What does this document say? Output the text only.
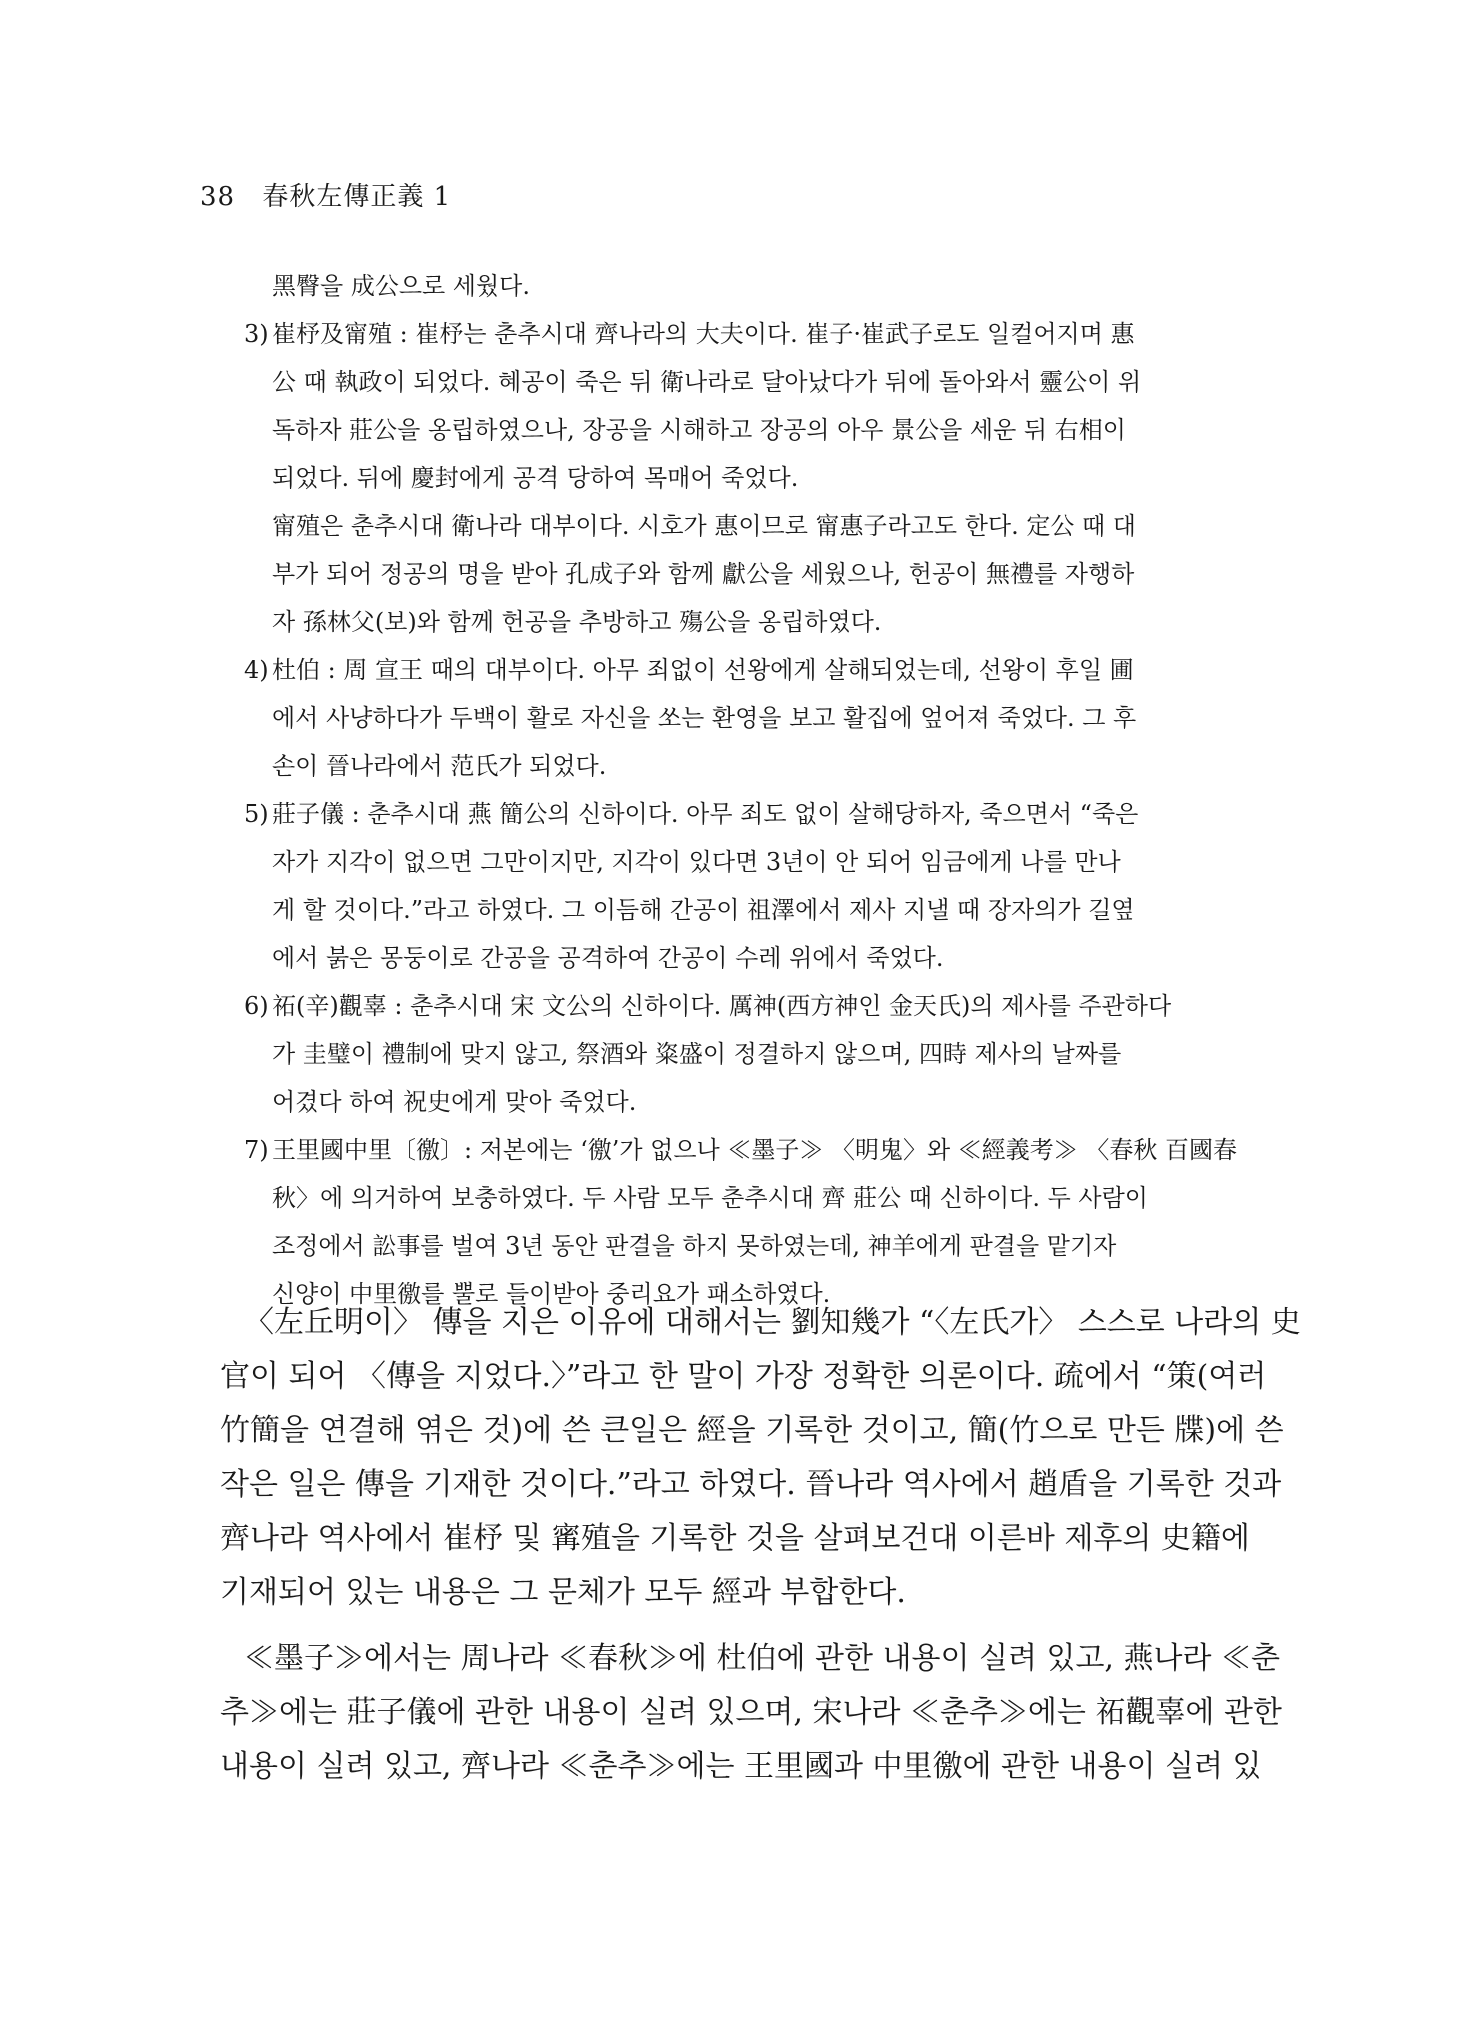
38 春秋左傳正義 1
黑臀을 成公으로 세웠다.
3) 崔杼及甯殖 : 崔杼는 춘추시대 齊나라의 大夫이다. 崔子·崔武子로도 일컬어지며 惠
公 때 執政이 되었다. 혜공이 죽은 뒤 衛나라로 달아났다가 뒤에 돌아와서 靈公이 위
독하자 莊公을 옹립하였으나, 장공을 시해하고 장공의 아우 景公을 세운 뒤 右相이
되었다. 뒤에 慶封에게 공격 당하여 목매어 죽었다.
甯殖은 춘추시대 衛나라 대부이다. 시호가 惠이므로 甯惠子라고도 한다. 定公 때 대
부가 되어 정공의 명을 받아 孔成子와 함께 獻公을 세웠으나, 헌공이 無禮를 자행하
자 孫林父(보)와 함께 헌공을 추방하고 殤公을 옹립하였다.
4) 杜伯 : 周 宣王 때의 대부이다. 아무 죄없이 선왕에게 살해되었는데, 선왕이 후일 圃
에서 사냥하다가 두백이 활로 자신을 쏘는 환영을 보고 활집에 엎어져 죽었다. 그 후
손이 晉나라에서 范氏가 되었다.
5) 莊子儀 : 춘추시대 燕 簡公의 신하이다. 아무 죄도 없이 살해당하자, 죽으면서 “죽은
자가 지각이 없으면 그만이지만, 지각이 있다면 3년이 안 되어 임금에게 나를 만나
게 할 것이다.”라고 하였다. 그 이듬해 간공이 祖澤에서 제사 지낼 때 장자의가 길옆
에서 붉은 몽둥이로 간공을 공격하여 간공이 수레 위에서 죽었다.
6) 祏(辛)觀辜 : 춘추시대 宋 文公의 신하이다. 厲神(西方神인 金天氏)의 제사를 주관하다
가 圭璧이 禮制에 맞지 않고, 祭酒와 粢盛이 정결하지 않으며, 四時 제사의 날짜를
어겼다 하여 祝史에게 맞아 죽었다.
7) 王里國中里〔徼〕: 저본에는 ‘徼’가 없으나 ≪墨子≫ 〈明鬼〉와 ≪經義考≫ 〈春秋 百國春
秋〉에 의거하여 보충하였다. 두 사람 모두 춘추시대 齊 莊公 때 신하이다. 두 사람이
조정에서 訟事를 벌여 3년 동안 판결을 하지 못하였는데, 神羊에게 판결을 맡기자
신양이 中里徼를 뿔로 들이받아 중리요가 패소하였다.
〈左丘明이〉 傳을 지은 이유에 대해서는 劉知幾가 “〈左氏가〉 스스로 나라의 史
官이 되어 〈傳을 지었다.〉”라고 한 말이 가장 정확한 의론이다. 疏에서 “策(여러
竹簡을 연결해 엮은 것)에 쓴 큰일은 經을 기록한 것이고, 簡(竹으로 만든 牒)에 쓴
작은 일은 傳을 기재한 것이다.”라고 하였다. 晉나라 역사에서 趙盾을 기록한 것과
齊나라 역사에서 崔杼 및 寗殖을 기록한 것을 살펴보건대 이른바 제후의 史籍에
기재되어 있는 내용은 그 문체가 모두 經과 부합한다.
≪墨子≫에서는 周나라 ≪春秋≫에 杜伯에 관한 내용이 실려 있고, 燕나라 ≪춘
추≫에는 莊子儀에 관한 내용이 실려 있으며, 宋나라 ≪춘추≫에는 祏觀辜에 관한
내용이 실려 있고, 齊나라 ≪춘추≫에는 王里國과 中里徼에 관한 내용이 실려 있
